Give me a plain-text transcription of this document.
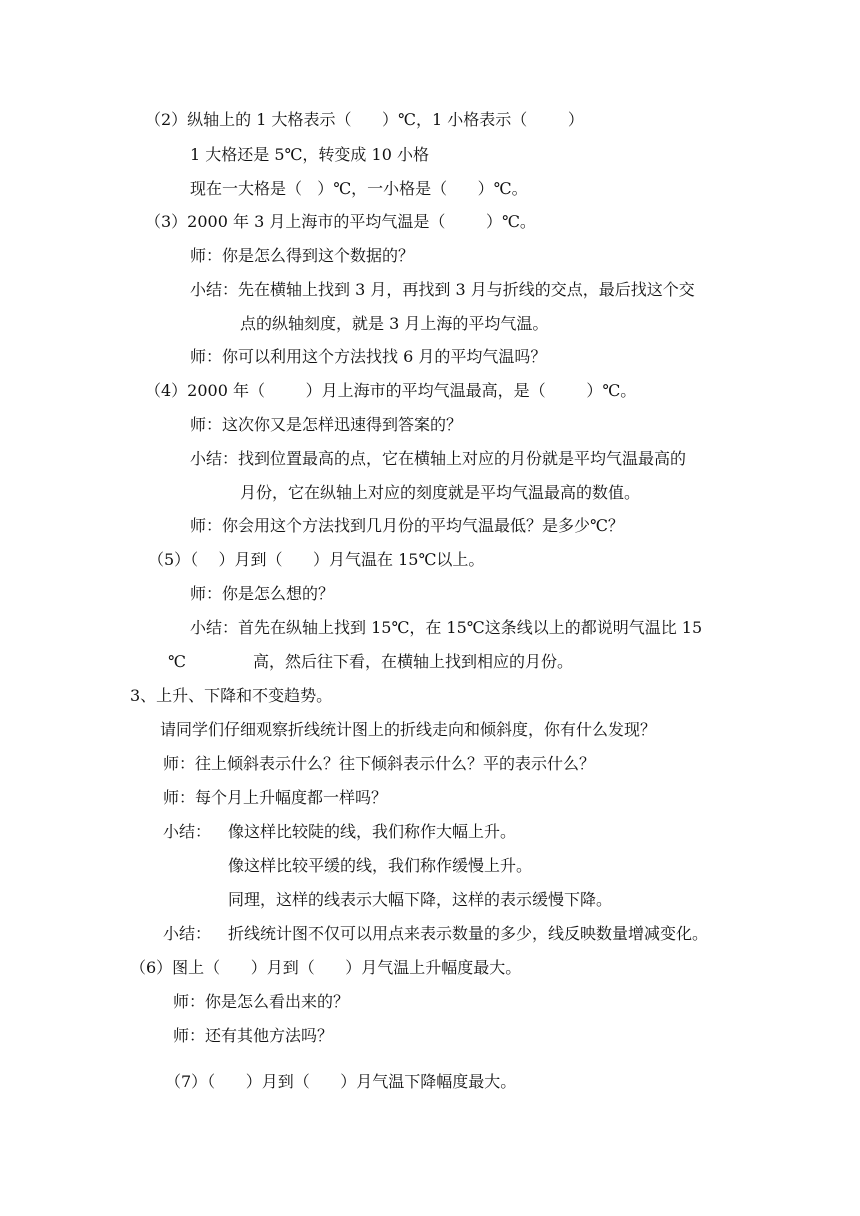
（2）纵轴上的 1 大格表示（      ）℃，1 小格表示（        ）

1 大格还是 5℃，转变成 10 小格

现在一大格是（   ）℃，一小格是（      ）℃。

（3）2000 年 3 月上海市的平均气温是（        ）℃。

师：你是怎么得到这个数据的？

小结：先在横轴上找到 3 月，再找到 3 月与折线的交点，最后找这个交

点的纵轴刻度，就是 3 月上海的平均气温。

师：你可以利用这个方法找找 6 月的平均气温吗？

（4）2000 年（        ）月上海市的平均气温最高，是（        ）℃。

师：这次你又是怎样迅速得到答案的？

小结：找到位置最高的点，它在横轴上对应的月份就是平均气温最高的

月份，它在纵轴上对应的刻度就是平均气温最高的数值。

师：你会用这个方法找到几月份的平均气温最低？是多少℃？

（5）（    ）月到（      ）月气温在 15℃以上。

师：你是怎么想的？

小结：首先在纵轴上找到 15℃，在 15℃这条线以上的都说明气温比 15

℃	高，然后往下看，在横轴上找到相应的月份。

3、上升、下降和不变趋势。

请同学们仔细观察折线统计图上的折线走向和倾斜度，你有什么发现？

师：往上倾斜表示什么？往下倾斜表示什么？平的表示什么？

师：每个月上升幅度都一样吗？

小结： 像这样比较陡的线，我们称作大幅上升。

像这样比较平缓的线，我们称作缓慢上升。

同理，这样的线表示大幅下降，这样的表示缓慢下降。

小结： 折线统计图不仅可以用点来表示数量的多少，线反映数量增减变化。

（6）图上（      ）月到（      ）月气温上升幅度最大。

师：你是怎么看出来的？

师：还有其他方法吗？

（7）（      ）月到（      ）月气温下降幅度最大。
